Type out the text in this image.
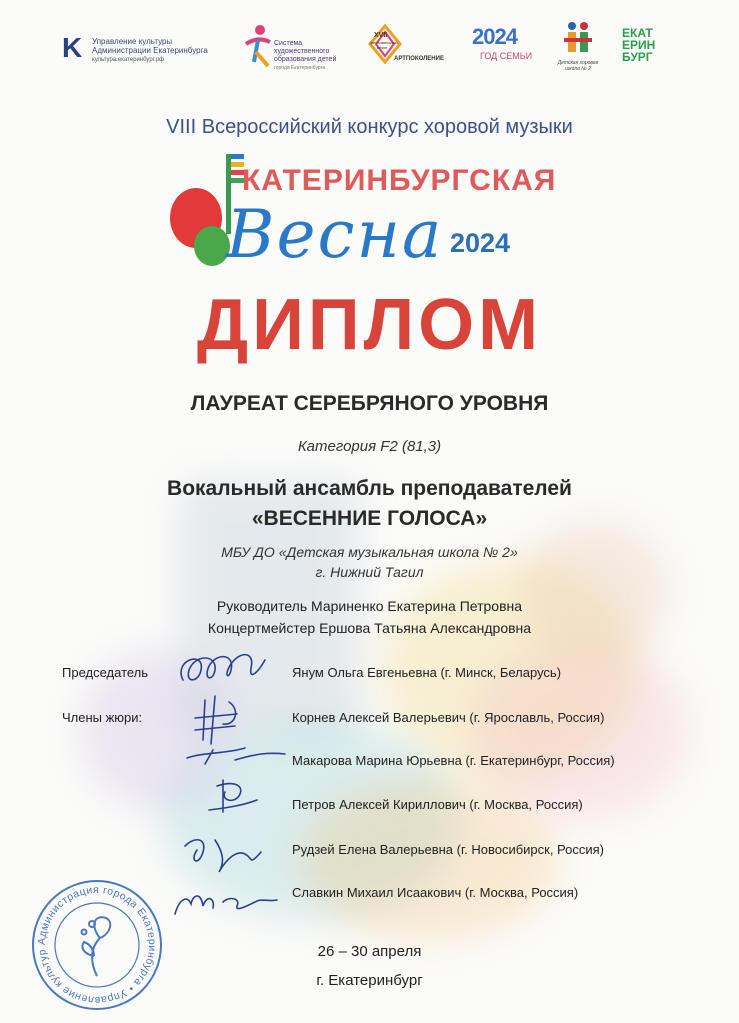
K	Управление культуры
Администрации Екатеринбурга
культура.екатеринбург.рф
Система
художественного
образования детей
города Екатеринбурга
XVII
фестивальный сезон
АРТПОКОЛЕНИЕ
2024
ГОД СЕМЬИ
Детская хоровая школа № 2
ЕКАТ
ЕРИН
БУРГ
VIII Всероссийский конкурс хоровой музыки
КАТЕРИНБУРГСКАЯ
Весна 2024
ДИПЛОМ
ЛАУРЕАТ СЕРЕБРЯНОГО УРОВНЯ
Категория F2 (81,3)
Вокальный ансамбль преподавателей
«ВЕСЕННИЕ ГОЛОСА»
МБУ ДО «Детская музыкальная школа № 2»
г. Нижний Тагил
Руководитель Мариненко Екатерина Петровна
Концертмейстер Ершова Татьяна Александровна
Председатель
Члены жюри:
Янум Ольга Евгеньевна (г. Минск, Беларусь)
Корнев Алексей Валерьевич (г. Ярославль, Россия)
Макарова Марина Юрьевна (г. Екатеринбург, Россия)
Петров Алексей Кириллович (г. Москва, Россия)
Рудзей Елена Валерьевна (г. Новосибирск, Россия)
Славкин Михаил Исаакович (г. Москва, Россия)
Администрация города Екатеринбурга • Управление культур	26 – 30 апреля
г. Екатеринбург
